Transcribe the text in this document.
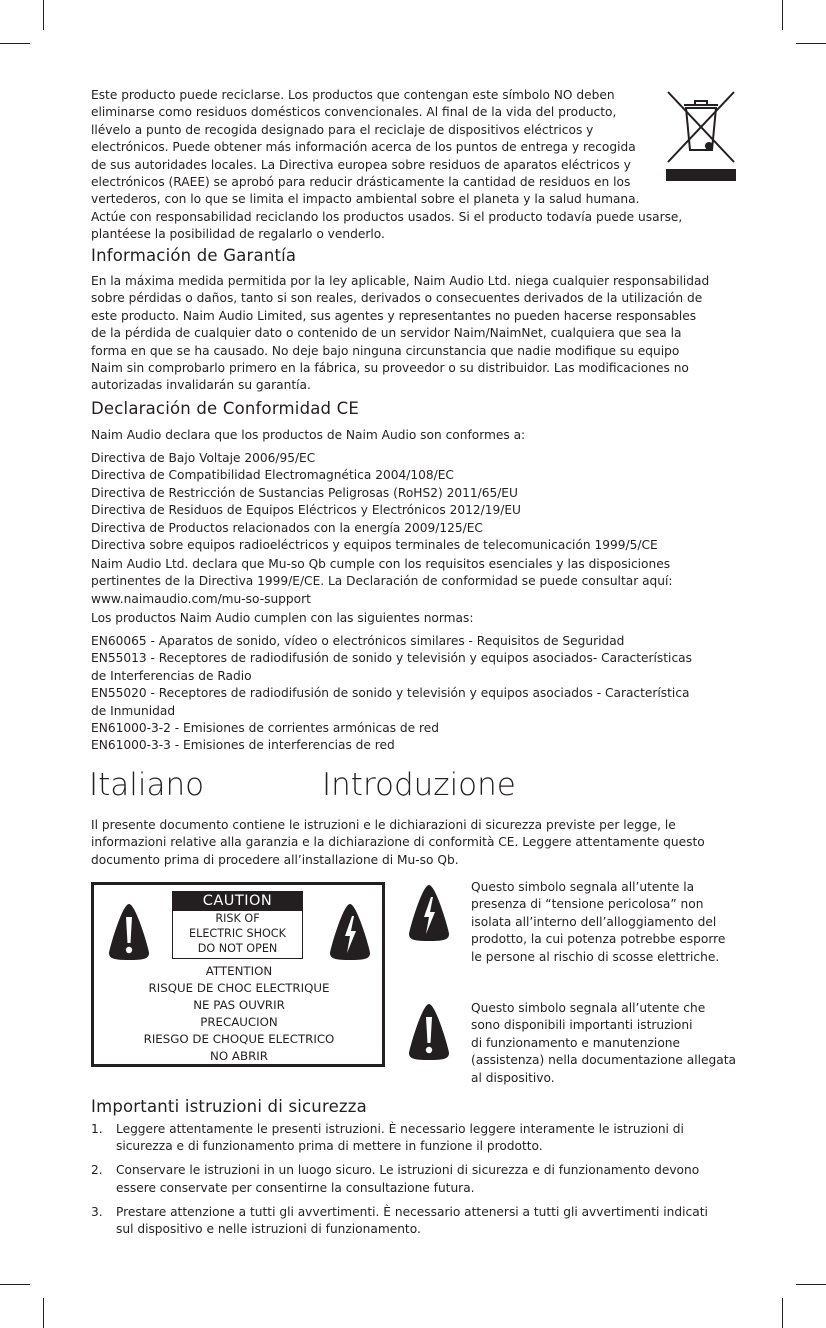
Este producto puede reciclarse. Los productos que contengan este símbolo NO deben
eliminarse como residuos domésticos convencionales. Al final de la vida del producto,
llévelo a punto de recogida designado para el reciclaje de dispositivos eléctricos y
electrónicos. Puede obtener más información acerca de los puntos de entrega y recogida
de sus autoridades locales. La Directiva europea sobre residuos de aparatos eléctricos y
electrónicos (RAEE) se aprobó para reducir drásticamente la cantidad de residuos en los
vertederos, con lo que se limita el impacto ambiental sobre el planeta y la salud humana.
Actúe con responsabilidad reciclando los productos usados. Si el producto todavía puede usarse,
plantéese la posibilidad de regalarlo o venderlo.
Información de Garantía
En la máxima medida permitida por la ley aplicable, Naim Audio Ltd. niega cualquier responsabilidad
sobre pérdidas o daños, tanto si son reales, derivados o consecuentes derivados de la utilización de
este producto. Naim Audio Limited, sus agentes y representantes no pueden hacerse responsables
de la pérdida de cualquier dato o contenido de un servidor Naim/NaimNet, cualquiera que sea la
forma en que se ha causado. No deje bajo ninguna circunstancia que nadie modifique su equipo
Naim sin comprobarlo primero en la fábrica, su proveedor o su distribuidor. Las modificaciones no
autorizadas invalidarán su garantía.
Declaración de Conformidad CE
Naim Audio declara que los productos de Naim Audio son conformes a:
Directiva de Bajo Voltaje 2006/95/EC
Directiva de Compatibilidad Electromagnética 2004/108/EC
Directiva de Restricción de Sustancias Peligrosas (RoHS2) 2011/65/EU
Directiva de Residuos de Equipos Eléctricos y Electrónicos 2012/19/EU
Directiva de Productos relacionados con la energía 2009/125/EC
Directiva sobre equipos radioeléctricos y equipos terminales de telecomunicación 1999/5/CE
Naim Audio Ltd. declara que Mu-so Qb cumple con los requisitos esenciales y las disposiciones
pertinentes de la Directiva 1999/E/CE. La Declaración de conformidad se puede consultar aquí:
www.naimaudio.com/mu-so-support
Los productos Naim Audio cumplen con las siguientes normas:
EN60065 - Aparatos de sonido, vídeo o electrónicos similares - Requisitos de Seguridad
EN55013 - Receptores de radiodifusión de sonido y televisión y equipos asociados- Características
de Interferencias de Radio
EN55020 - Receptores de radiodifusión de sonido y televisión y equipos asociados - Característica
de Inmunidad
EN61000-3-2 - Emisiones de corrientes armónicas de red
EN61000-3-3 - Emisiones de interferencias de red
Italiano	Introduzione
Il presente documento contiene le istruzioni e le dichiarazioni di sicurezza previste per legge, le
informazioni relative alla garanzia e la dichiarazione di conformità CE. Leggere attentamente questo
documento prima di procedere all’installazione di Mu-so Qb.
CAUTION
RISK OF
ELECTRIC SHOCK
DO NOT OPEN
ATTENTION
RISQUE DE CHOC ELECTRIQUE
NE PAS OUVRIR
PRECAUCION
RIESGO DE CHOQUE ELECTRICO
NO ABRIR
Questo simbolo segnala all’utente la
presenza di “tensione pericolosa” non
isolata all’interno dell’alloggiamento del
prodotto, la cui potenza potrebbe esporre
le persone al rischio di scosse elettriche.
Questo simbolo segnala all’utente che
sono disponibili importanti istruzioni
di funzionamento e manutenzione
(assistenza) nella documentazione allegata
al dispositivo.
Importanti istruzioni di sicurezza
1. Leggere attentamente le presenti istruzioni. È necessario leggere interamente le istruzioni di
sicurezza e di funzionamento prima di mettere in funzione il prodotto.
2. Conservare le istruzioni in un luogo sicuro. Le istruzioni di sicurezza e di funzionamento devono
essere conservate per consentirne la consultazione futura.
3. Prestare attenzione a tutti gli avvertimenti. È necessario attenersi a tutti gli avvertimenti indicati
sul dispositivo e nelle istruzioni di funzionamento.
